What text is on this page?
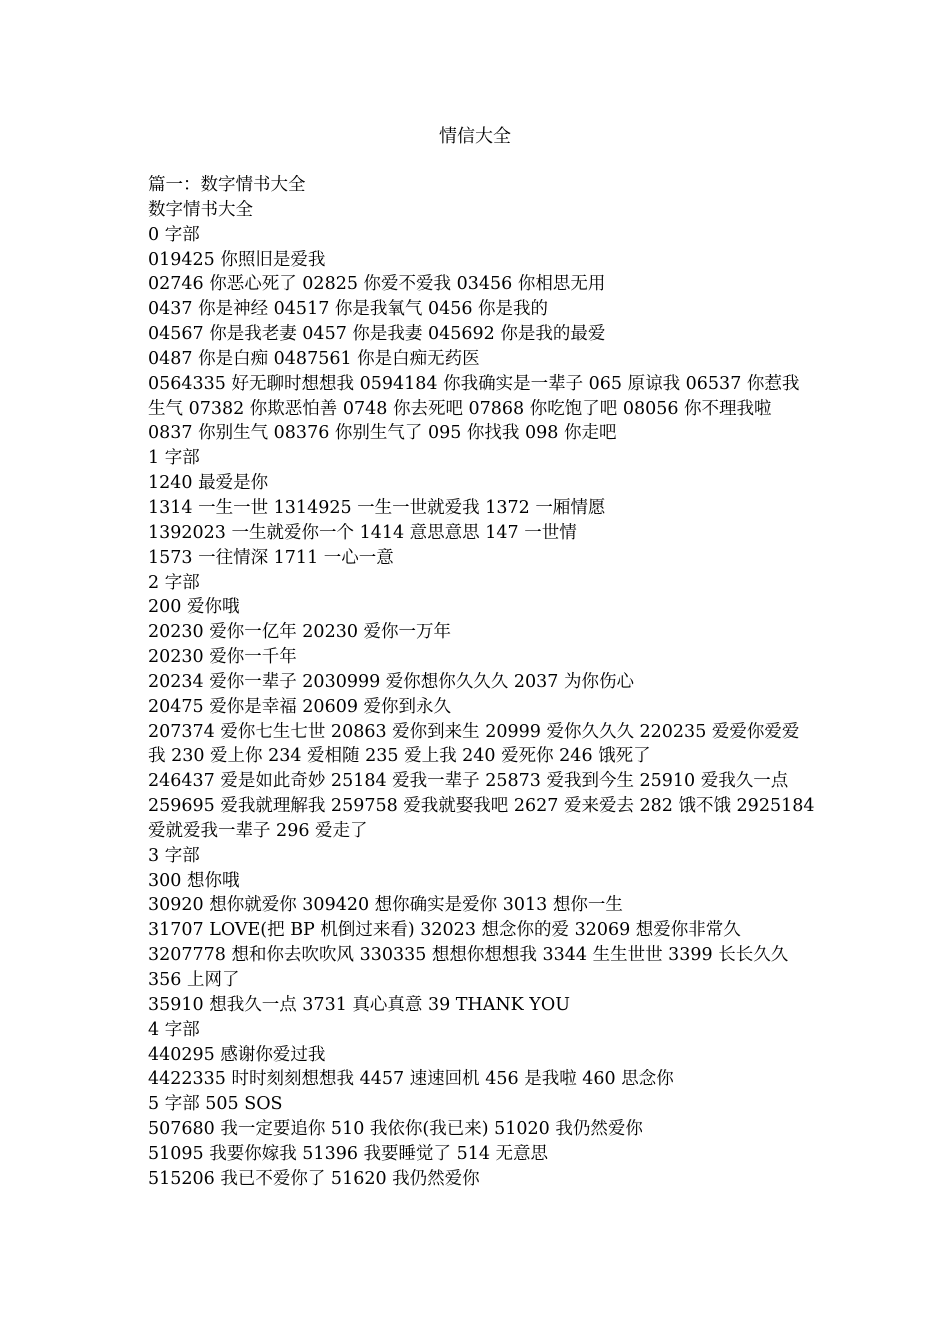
情信大全
篇一：数字情书大全
数字情书大全
0 字部
019425 你照旧是爱我
02746 你恶心死了 02825 你爱不爱我 03456 你相思无用
0437 你是神经 04517 你是我氧气 0456 你是我的
04567 你是我老妻 0457 你是我妻 045692 你是我的最爱
0487 你是白痴 0487561 你是白痴无药医
0564335 好无聊时想想我 0594184 你我确实是一辈子 065 原谅我 06537 你惹我
生气 07382 你欺恶怕善 0748 你去死吧 07868 你吃饱了吧 08056 你不理我啦
0837 你别生气 08376 你别生气了 095 你找我 098 你走吧
1 字部
1240 最爱是你
1314 一生一世 1314925 一生一世就爱我 1372 一厢情愿
1392023 一生就爱你一个 1414 意思意思 147 一世情
1573 一往情深 1711 一心一意
2 字部
200 爱你哦
20230 爱你一亿年 20230 爱你一万年
20230 爱你一千年
20234 爱你一辈子 2030999 爱你想你久久久 2037 为你伤心
20475 爱你是幸福 20609 爱你到永久
207374 爱你七生七世 20863 爱你到来生 20999 爱你久久久 220235 爱爱你爱爱
我 230 爱上你 234 爱相随 235 爱上我 240 爱死你 246 饿死了
246437 爱是如此奇妙 25184 爱我一辈子 25873 爱我到今生 25910 爱我久一点
259695 爱我就理解我 259758 爱我就娶我吧 2627 爱来爱去 282 饿不饿 2925184
爱就爱我一辈子 296 爱走了
3 字部
300 想你哦
30920 想你就爱你 309420 想你确实是爱你 3013 想你一生
31707 LOVE(把 BP 机倒过来看) 32023 想念你的爱 32069 想爱你非常久
3207778 想和你去吹吹风 330335 想想你想想我 3344 生生世世 3399 长长久久
356 上网了
35910 想我久一点 3731 真心真意 39 THANK YOU
4 字部
440295 感谢你爱过我
4422335 时时刻刻想想我 4457 速速回机 456 是我啦 460 思念你
5 字部 505 SOS
507680 我一定要追你 510 我依你(我已来) 51020 我仍然爱你
51095 我要你嫁我 51396 我要睡觉了 514 无意思
515206 我已不爱你了 51620 我仍然爱你
